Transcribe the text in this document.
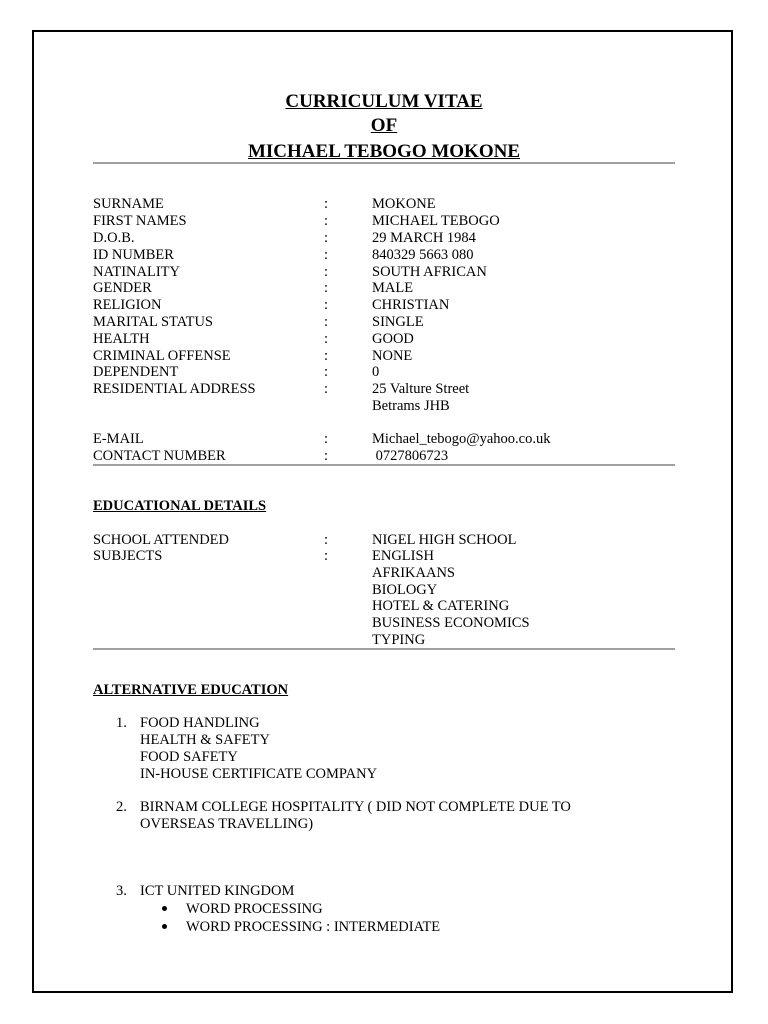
CURRICULUM VITAE
OF
MICHAEL TEBOGO MOKONE
SURNAME	:	MOKONE
FIRST NAMES	:	MICHAEL TEBOGO
D.O.B.	:	29 MARCH 1984
ID NUMBER	:	840329 5663 080
NATINALITY	:	SOUTH AFRICAN
GENDER	:	MALE
RELIGION	:	CHRISTIAN
MARITAL STATUS	:	SINGLE
HEALTH	:	GOOD
CRIMINAL OFFENSE	:	NONE
DEPENDENT	:	0
RESIDENTIAL ADDRESS	:	25 Valture Street
Betrams JHB
E-MAIL	:	Michael_tebogo@yahoo.co.uk
CONTACT NUMBER	:	0727806723
EDUCATIONAL DETAILS
SCHOOL ATTENDED	:	NIGEL HIGH SCHOOL
SUBJECTS	:	ENGLISH
AFRIKAANS
BIOLOGY
HOTEL & CATERING
BUSINESS ECONOMICS
TYPING
ALTERNATIVE EDUCATION
1. FOOD HANDLING
HEALTH & SAFETY
FOOD SAFETY
IN-HOUSE CERTIFICATE COMPANY
2. BIRNAM COLLEGE HOSPITALITY ( DID NOT COMPLETE DUE TO
OVERSEAS TRAVELLING)
3. ICT UNITED KINGDOM
WORD PROCESSING
WORD PROCESSING : INTERMEDIATE
